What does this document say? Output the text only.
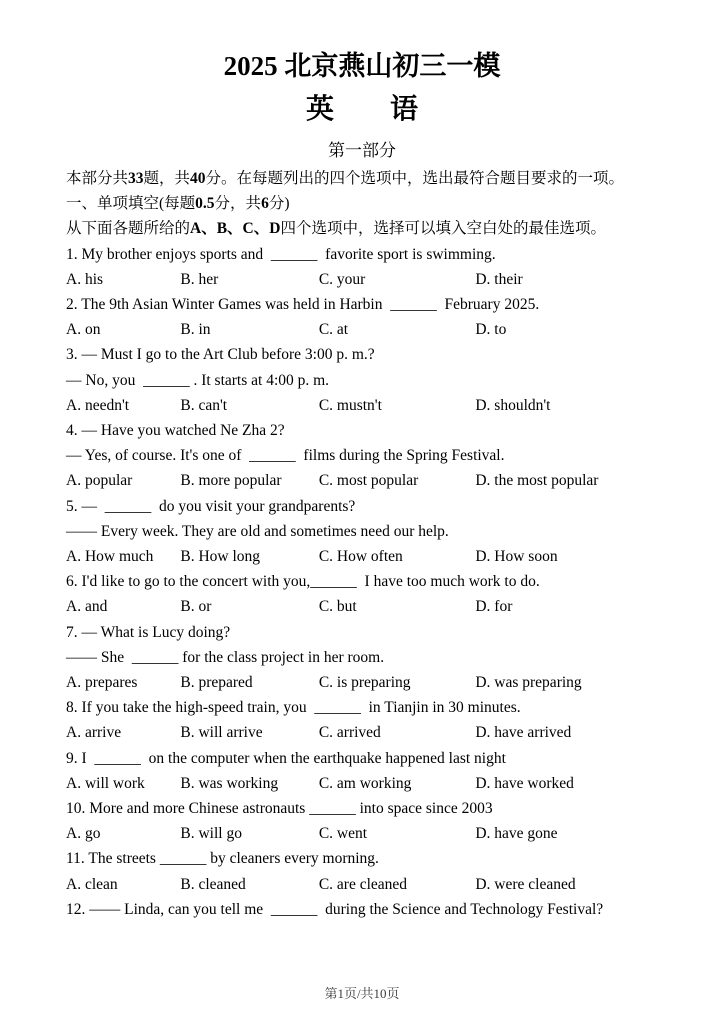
2025 北京燕山初三一模
英　　语
第一部分
本部分共33题，共40分。在每题列出的四个选项中，选出最符合题目要求的一项。
一、单项填空(每题0.5分，共6分)
从下面各题所给的A、B、C、D四个选项中，选择可以填入空白处的最佳选项。
1. My brother enjoys sports and  ______  favorite sport is swimming.
A. his	B. her	C. your	D. their
2. The 9th Asian Winter Games was held in Harbin  ______  February 2025.
A. on	B. in	C. at	D. to
3. — Must I go to the Art Club before 3:00 p. m.?
— No, you  ______ . It starts at 4:00 p. m.
A. needn't	B. can't	C. mustn't	D. shouldn't
4. — Have you watched Ne Zha 2?
— Yes, of course. It's one of  ______  films during the Spring Festival.
A. popular	B. more popular	C. most popular	D. the most popular
5. —  ______  do you visit your grandparents?
—— Every week. They are old and sometimes need our help.
A. How much	B. How long	C. How often	D. How soon
6. I'd like to go to the concert with you,______  I have too much work to do.
A. and	B. or	C. but	D. for
7. — What is Lucy doing?
—— She  ______ for the class project in her room.
A. prepares	B. prepared	C. is preparing	D. was preparing
8. If you take the high-speed train, you  ______  in Tianjin in 30 minutes.
A. arrive	B. will arrive	C. arrived	D. have arrived
9. I  ______  on the computer when the earthquake happened last night
A. will work	B. was working	C. am working	D. have worked
10. More and more Chinese astronauts ______ into space since 2003
A. go	B. will go	C. went	D. have gone
11. The streets ______ by cleaners every morning.
A. clean	B. cleaned	C. are cleaned	D. were cleaned
12. —— Linda, can you tell me  ______  during the Science and Technology Festival?
第1页/共10页
